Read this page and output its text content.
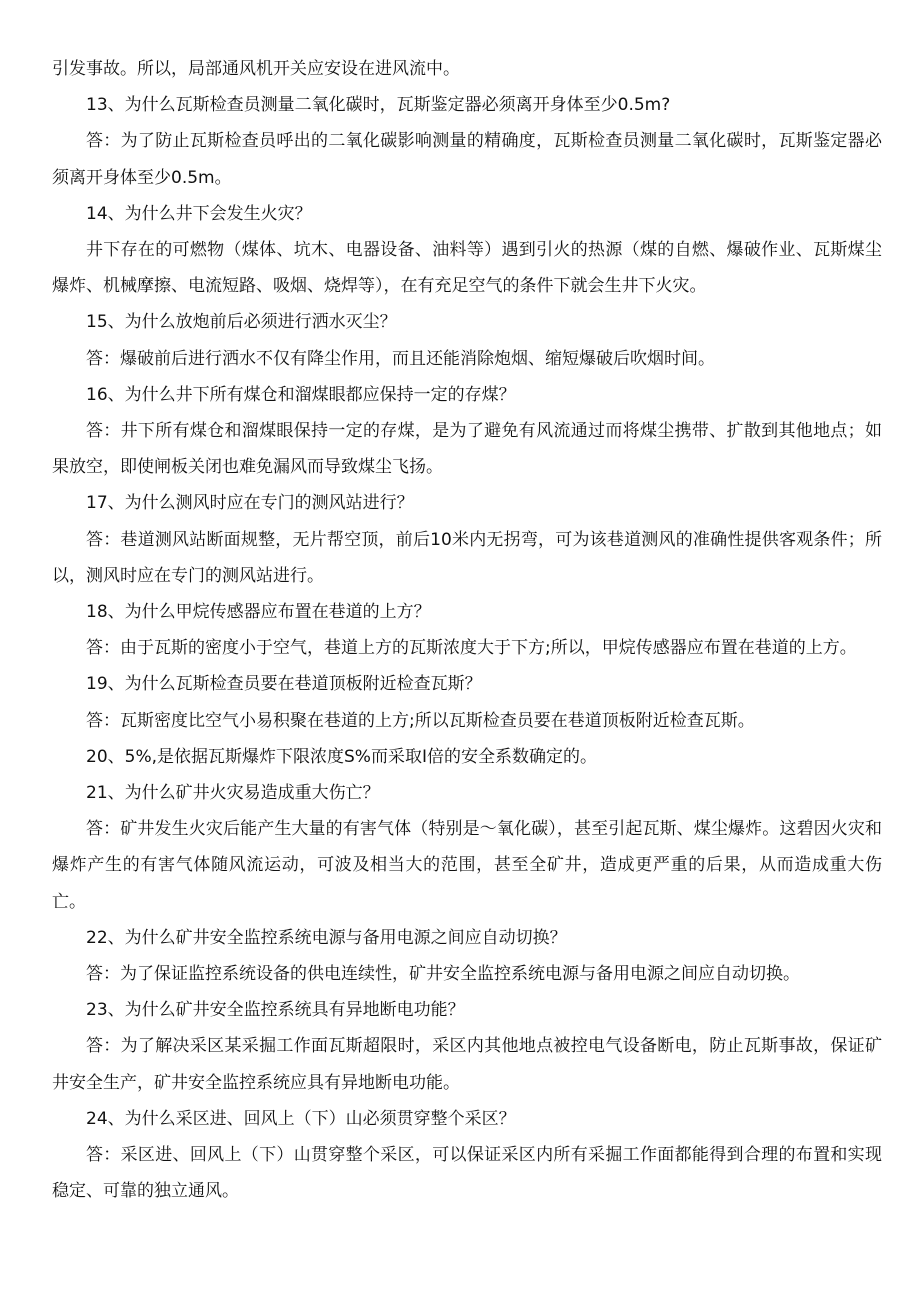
引发事故。所以，局部通风机开关应安设在进风流中。

13、为什么瓦斯检查员测量二氧化碳时，瓦斯鉴定器必须离开身体至少0.5m?

答：为了防止瓦斯检查员呼出的二氧化碳影响测量的精确度，瓦斯检查员测量二氧化碳时，瓦斯鉴定器必须离开身体至少0.5m。

14、为什么井下会发生火灾？

井下存在的可燃物（煤体、坑木、电器设备、油料等）遇到引火的热源（煤的自燃、爆破作业、瓦斯煤尘爆炸、机械摩擦、电流短路、吸烟、烧焊等），在有充足空气的条件下就会生井下火灾。

15、为什么放炮前后必须进行洒水灭尘？

答：爆破前后进行洒水不仅有降尘作用，而且还能消除炮烟、缩短爆破后吹烟时间。

16、为什么井下所有煤仓和溜煤眼都应保持一定的存煤？

答：井下所有煤仓和溜煤眼保持一定的存煤，是为了避免有风流通过而将煤尘携带、扩散到其他地点；如果放空，即使闸板关闭也难免漏风而导致煤尘飞扬。

17、为什么测风时应在专门的测风站进行？

答：巷道测风站断面规整，无片帮空顶，前后10米内无拐弯，可为该巷道测风的准确性提供客观条件；所以，测风时应在专门的测风站进行。

18、为什么甲烷传感器应布置在巷道的上方？

答：由于瓦斯的密度小于空气，巷道上方的瓦斯浓度大于下方;所以，甲烷传感器应布置在巷道的上方。

19、为什么瓦斯检查员要在巷道顶板附近检查瓦斯？

答：瓦斯密度比空气小易积聚在巷道的上方;所以瓦斯检查员要在巷道顶板附近检查瓦斯。

20、5%,是依据瓦斯爆炸下限浓度S%而采取I倍的安全系数确定的。

21、为什么矿井火灾易造成重大伤亡？

答：矿井发生火灾后能产生大量的有害气体（特别是～氧化碳），甚至引起瓦斯、煤尘爆炸。这碧因火灾和爆炸产生的有害气体随风流运动，可波及相当大的范围，甚至全矿井，造成更严重的后果，从而造成重大伤亡。

22、为什么矿井安全监控系统电源与备用电源之间应自动切换？

答：为了保证监控系统设备的供电连续性，矿井安全监控系统电源与备用电源之间应自动切换。

23、为什么矿井安全监控系统具有异地断电功能？

答：为了解决采区某采掘工作面瓦斯超限时，采区内其他地点被控电气设备断电，防止瓦斯事故，保证矿井安全生产，矿井安全监控系统应具有异地断电功能。

24、为什么采区进、回风上（下）山必须贯穿整个采区？

答：采区进、回风上（下）山贯穿整个采区，可以保证采区内所有采掘工作面都能得到合理的布置和实现稳定、可靠的独立通风。
